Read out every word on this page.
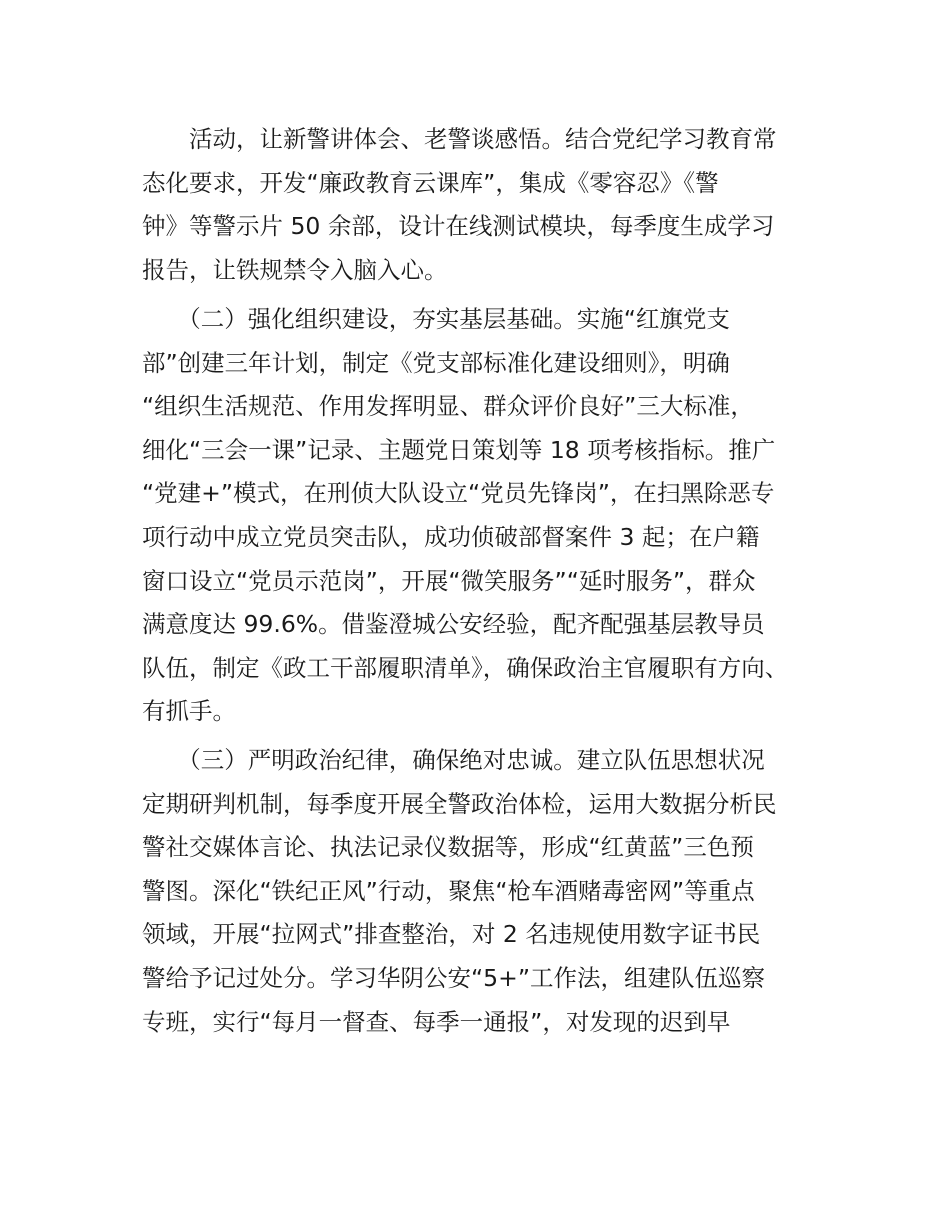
　　活动，让新警讲体会、老警谈感悟。结合党纪学习教育常
态化要求，开发“廉政教育云课库”，集成《零容忍》《警
钟》等警示片 50 余部，设计在线测试模块，每季度生成学习
报告，让铁规禁令入脑入心。
　　（二）强化组织建设，夯实基层基础。实施“红旗党支
部”创建三年计划，制定《党支部标准化建设细则》，明确
“组织生活规范、作用发挥明显、群众评价良好”三大标准，
细化“三会一课”记录、主题党日策划等 18 项考核指标。推广
“党建+”模式，在刑侦大队设立“党员先锋岗”，在扫黑除恶专
项行动中成立党员突击队，成功侦破部督案件 3 起；在户籍
窗口设立“党员示范岗”，开展“微笑服务”“延时服务”，群众
满意度达 99.6%。借鉴澄城公安经验，配齐配强基层教导员
队伍，制定《政工干部履职清单》，确保政治主官履职有方向、
有抓手。
　　（三）严明政治纪律，确保绝对忠诚。建立队伍思想状况
定期研判机制，每季度开展全警政治体检，运用大数据分析民
警社交媒体言论、执法记录仪数据等，形成“红黄蓝”三色预
警图。深化“铁纪正风”行动，聚焦“枪车酒赌毒密网”等重点
领域，开展“拉网式”排查整治，对 2 名违规使用数字证书民
警给予记过处分。学习华阴公安“5+”工作法，组建队伍巡察
专班，实行“每月一督查、每季一通报”，对发现的迟到早
